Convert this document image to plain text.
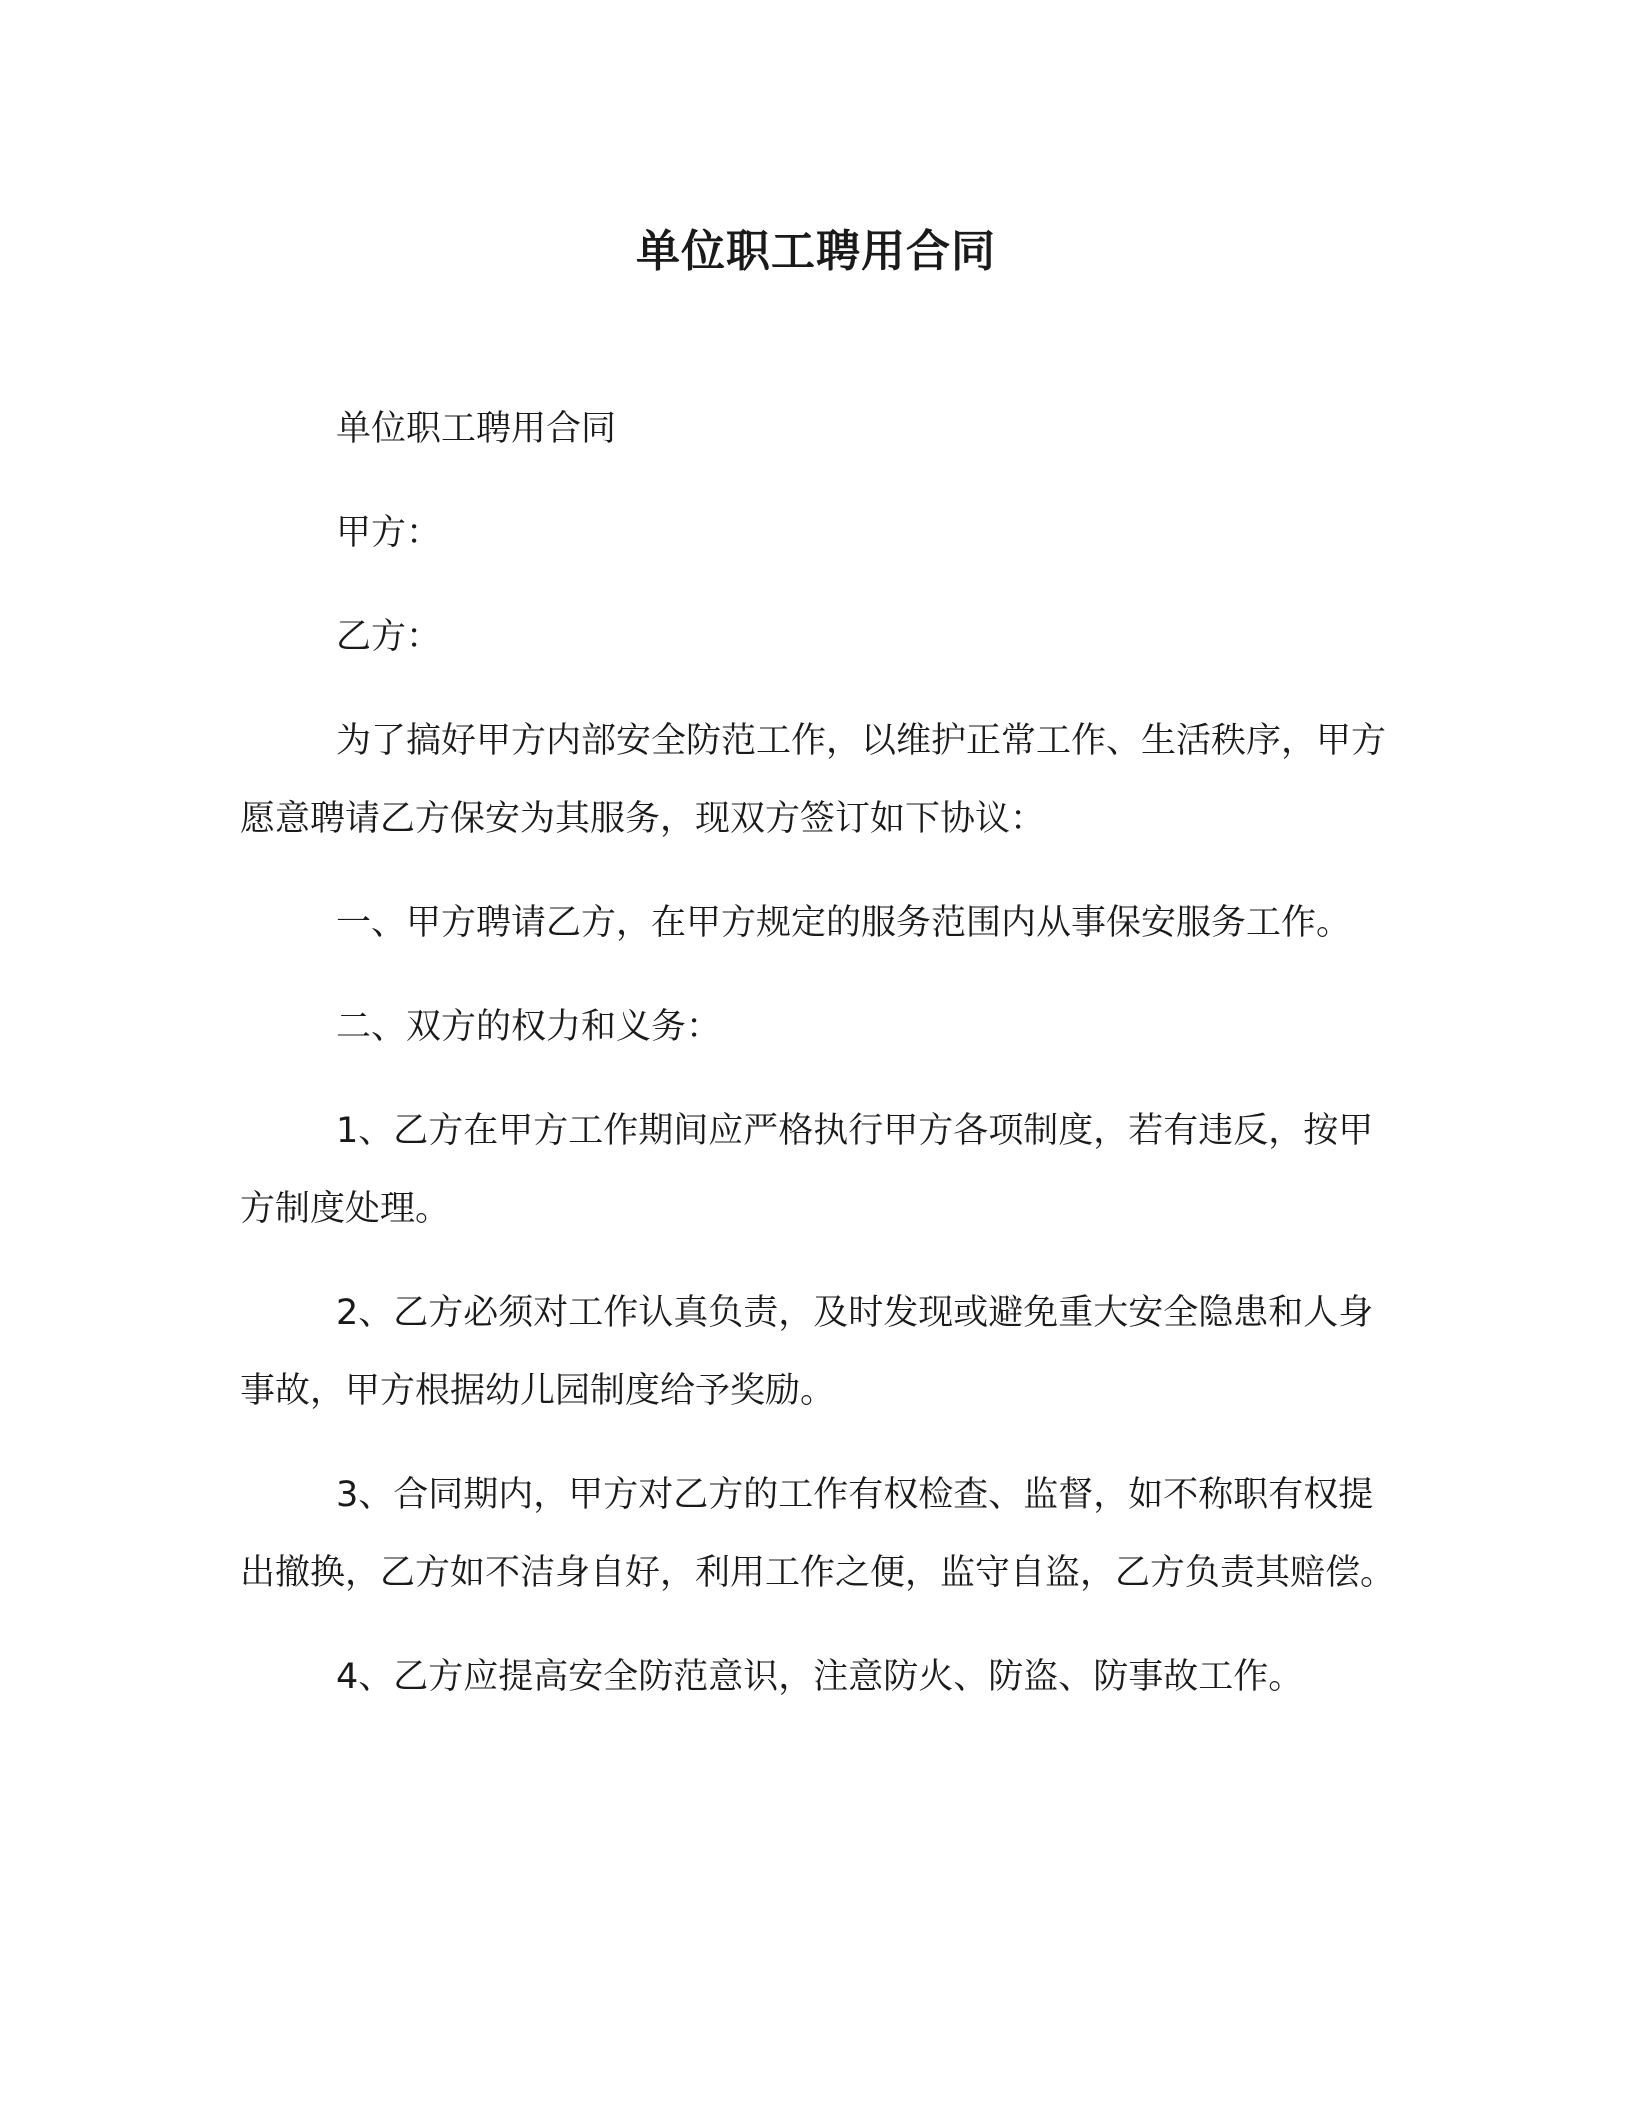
单位职工聘用合同

单位职工聘用合同

甲方：

乙方：

为了搞好甲方内部安全防范工作，以维护正常工作、生活秩序，甲方愿意聘请乙方保安为其服务，现双方签订如下协议：

一、甲方聘请乙方，在甲方规定的服务范围内从事保安服务工作。

二、双方的权力和义务：

1、乙方在甲方工作期间应严格执行甲方各项制度，若有违反，按甲方制度处理。

2、乙方必须对工作认真负责，及时发现或避免重大安全隐患和人身事故，甲方根据幼儿园制度给予奖励。

3、合同期内，甲方对乙方的工作有权检查、监督，如不称职有权提出撤换，乙方如不洁身自好，利用工作之便，监守自盗，乙方负责其赔偿。

4、乙方应提高安全防范意识，注意防火、防盗、防事故工作。
